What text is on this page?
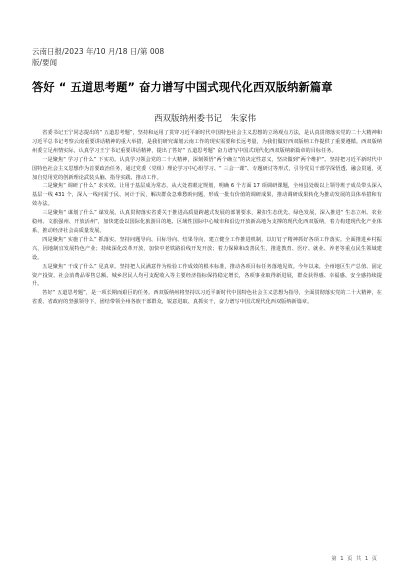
云南日报/2023 年/10 月/18 日/第 008
版/要闻
答好 “ 五道思考题” 奋力谱写中国式现代化西双版纳新篇章
西双版纳州委书记　朱家伟

省委书记王宁同志提出的“ 五道思考题”，坚持和运用了贯穿习近平新时代中国特色社会主义思想的立场观点方法，是认真贯彻落实党的二十大精神和习近平总书记考察云南重要讲话精神的重大举措，是我们研究谋划云南工作的现实需要和长远考量，为我们做好西双版纳工作提供了重要遵循。西双版纳州委立足州情实际，认真学习王宁书记重要讲话精神，提出了答好“ 五道思考题” 奋力谱写中国式现代化西双版纳新篇章的目标任务。

一是聚焦“ 学习了什么” 下实功。认真学习领会党的二十大精神，深刻领悟“两个确立”的决定性意义，坚决做到“两个维护”。坚持把习近平新时代中国特色社会主义思想作为首要政治任务，通过党委（党组）理论学习中心组学习、“ 三会一课”、专题研讨等形式，引导党员干部学深悟透、融会贯通，更加自觉用党的创新理论武装头脑、指导实践、推动工作。

二是聚焦“ 调研了什么” 求实效。让用于基层成为常态，从大处着眼定规划，明确 6 个方面 17 项调研课题，全州县处级以上领导班子成员带头深入基层一线 431 个，深入一线问需于民、问计于民，解决群众急难愁盼问题，形成一批有价值的调研成果，推动调研成果转化为推动发展的具体举措和有效办法。

三是聚焦“ 谋划了什么” 谋发展。认真贯彻落实省委关于推进高质量跨越式发展的部署要求，紧扣生态优先、绿色发展，深入推进“ 生态立州、农业稳州、文旅强州、开放活州”，加快建设以国际化旅游目的地、区域性国际中心城市和沿边开放新高地为支撑的现代化西双版纳，着力构建现代化产业体系，推动经济社会高质量发展。

四是聚焦“ 实施了什么” 抓落实。坚持问题导向、目标导向、结果导向，建立健全工作推进机制，以钉钉子精神抓好各项工作落实。全面推进乡村振兴，因地制宜发展特色产业；持续深化改革开放，加快中老铁路沿线开发开放；着力保障和改善民生，推进教育、医疗、就业、养老等重点民生领域建设。

五是聚焦“ 干成了什么” 见真章。坚持把人民满意作为检验工作成效的根本标准，推动各项目标任务落地见效。今年以来，全州地区生产总值、固定资产投资、社会消费品零售总额、城乡居民人均可支配收入等主要经济指标保持稳定增长，各项事业取得新进展，群众获得感、幸福感、安全感持续提升。

答好“ 五道思考题”，是一项长期而艰巨的任务。西双版纳州将坚持以习近平新时代中国特色社会主义思想为指导，全面贯彻落实党的二十大精神，在省委、省政府的坚强领导下，团结带领全州各族干部群众，锐意进取、真抓实干，奋力谱写中国式现代化西双版纳新篇章。

第 1 页 共 1 页
